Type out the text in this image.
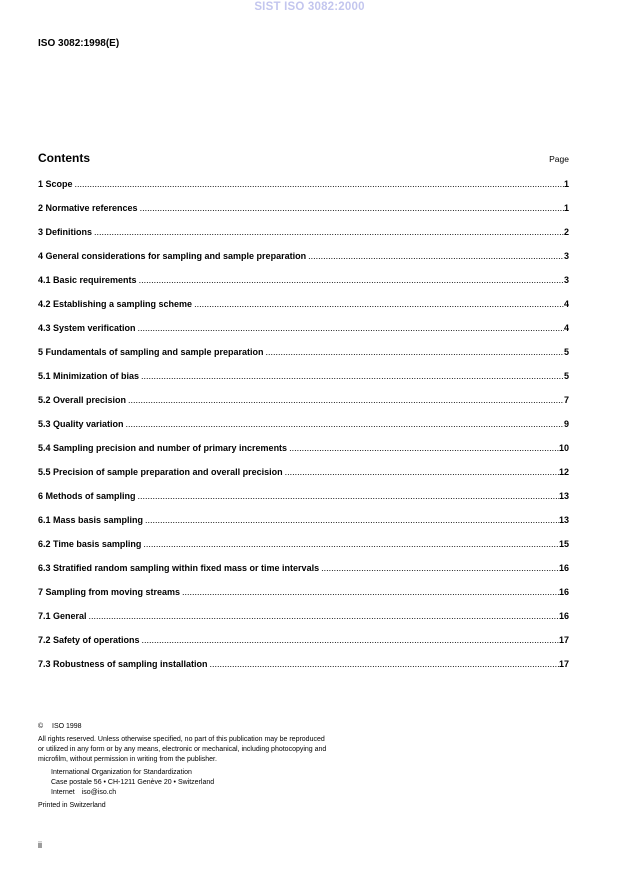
SIST ISO 3082:2000
ISO 3082:1998(E)
Contents	Page
1 Scope .....	1
2 Normative references .....	1
3 Definitions .....	2
4 General considerations for sampling and sample preparation .....	3
4.1 Basic requirements .....	3
4.2 Establishing a sampling scheme .....	4
4.3 System verification .....	4
5 Fundamentals of sampling and sample preparation .....	5
5.1 Minimization of bias .....	5
5.2 Overall precision .....	7
5.3 Quality variation .....	9
5.4 Sampling precision and number of primary increments .....	10
5.5 Precision of sample preparation and overall precision .....	12
6 Methods of sampling .....	13
6.1 Mass basis sampling .....	13
6.2 Time basis sampling .....	15
6.3 Stratified random sampling within fixed mass or time intervals .....	16
7 Sampling from moving streams .....	16
7.1 General .....	16
7.2 Safety of operations .....	17
7.3 Robustness of sampling installation .....	17
© ISO 1998
All rights reserved. Unless otherwise specified, no part of this publication may be reproduced
or utilized in any form or by any means, electronic or mechanical, including photocopying and
microfilm, without permission in writing from the publisher.
International Organization for Standardization
Case postale 56 • CH-1211 Genève 20 • Switzerland
Internet iso@iso.ch
Printed in Switzerland
ii
